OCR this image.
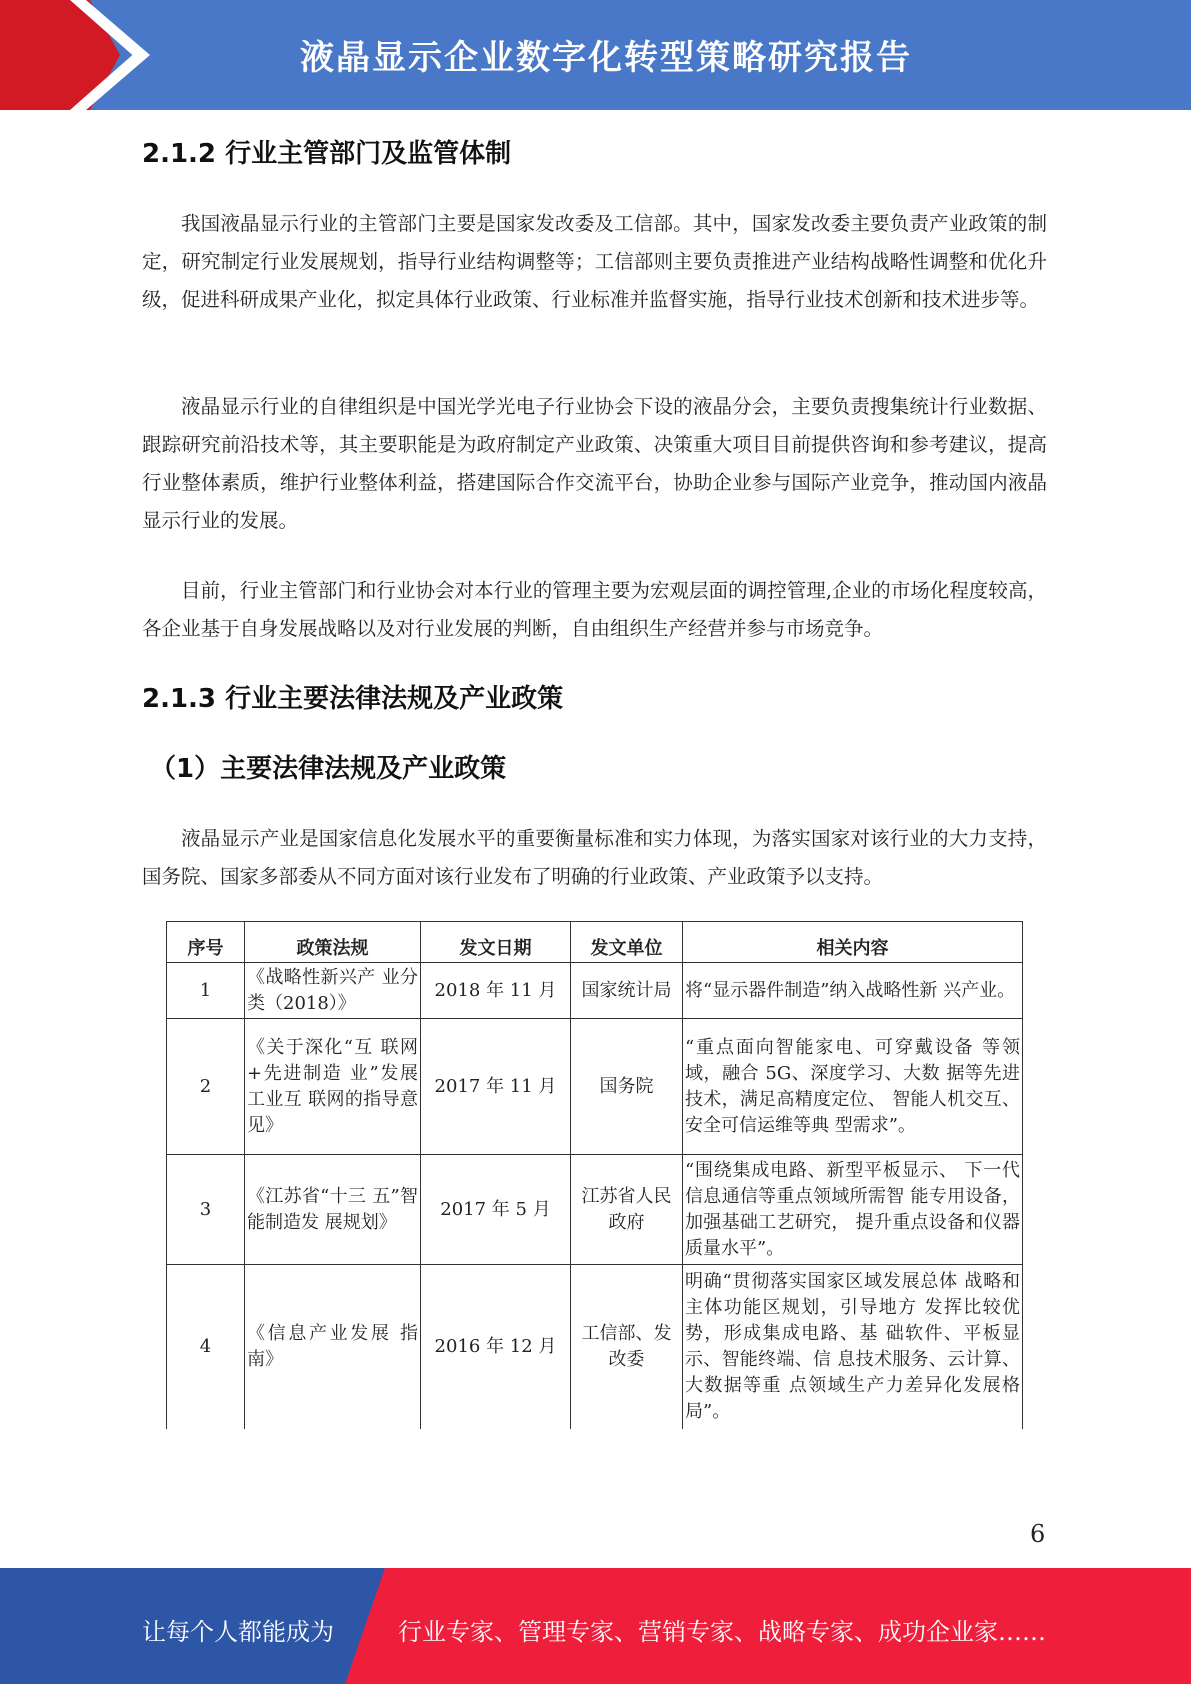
液晶显示企业数字化转型策略研究报告
2.1.2 行业主管部门及监管体制
我国液晶显示行业的主管部门主要是国家发改委及工信部。其中，国家发改委主要负责产业政策的制定，研究制定行业发展规划，指导行业结构调整等；工信部则主要负责推进产业结构战略性调整和优化升级，促进科研成果产业化，拟定具体行业政策、行业标准并监督实施，指导行业技术创新和技术进步等。
液晶显示行业的自律组织是中国光学光电子行业协会下设的液晶分会，主要负责搜集统计行业数据、跟踪研究前沿技术等，其主要职能是为政府制定产业政策、决策重大项目目前提供咨询和参考建议，提高行业整体素质，维护行业整体利益，搭建国际合作交流平台，协助企业参与国际产业竞争，推动国内液晶显示行业的发展。
目前，行业主管部门和行业协会对本行业的管理主要为宏观层面的调控管理,企业的市场化程度较高，各企业基于自身发展战略以及对行业发展的判断，自由组织生产经营并参与市场竞争。
2.1.3 行业主要法律法规及产业政策
（1）主要法律法规及产业政策
液晶显示产业是国家信息化发展水平的重要衡量标准和实力体现，为落实国家对该行业的大力支持，国务院、国家多部委从不同方面对该行业发布了明确的行业政策、产业政策予以支持。
序号	政策法规	发文日期	发文单位	相关内容
1	《战略性新兴产 业分类（2018）》	2018 年 11 月	国家统计局	将“显示器件制造”纳入战略性新 兴产业。
2	《关于深化“互 联网+先进制造 业”发展工业互 联网的指导意 见》	2017 年 11 月	国务院	“重点面向智能家电、可穿戴设备 等领域，融合 5G、深度学习、大数 据等先进技术，满足高精度定位、 智能人机交互、安全可信运维等典 型需求”。
3	《江苏省“十三 五”智能制造发 展规划》	2017 年 5 月	江苏省人民政府	“围绕集成电路、新型平板显示、 下一代信息通信等重点领域所需智 能专用设备，加强基础工艺研究， 提升重点设备和仪器质量水平”。
4	《信息产业发展 指南》	2016 年 12 月	工信部、发改委	明确“贯彻落实国家区域发展总体 战略和主体功能区规划，引导地方 发挥比较优势，形成集成电路、基 础软件、平板显示、智能终端、信 息技术服务、云计算、大数据等重 点领域生产力差异化发展格局”。
6
让每个人都能成为	行业专家、管理专家、营销专家、战略专家、成功企业家……
